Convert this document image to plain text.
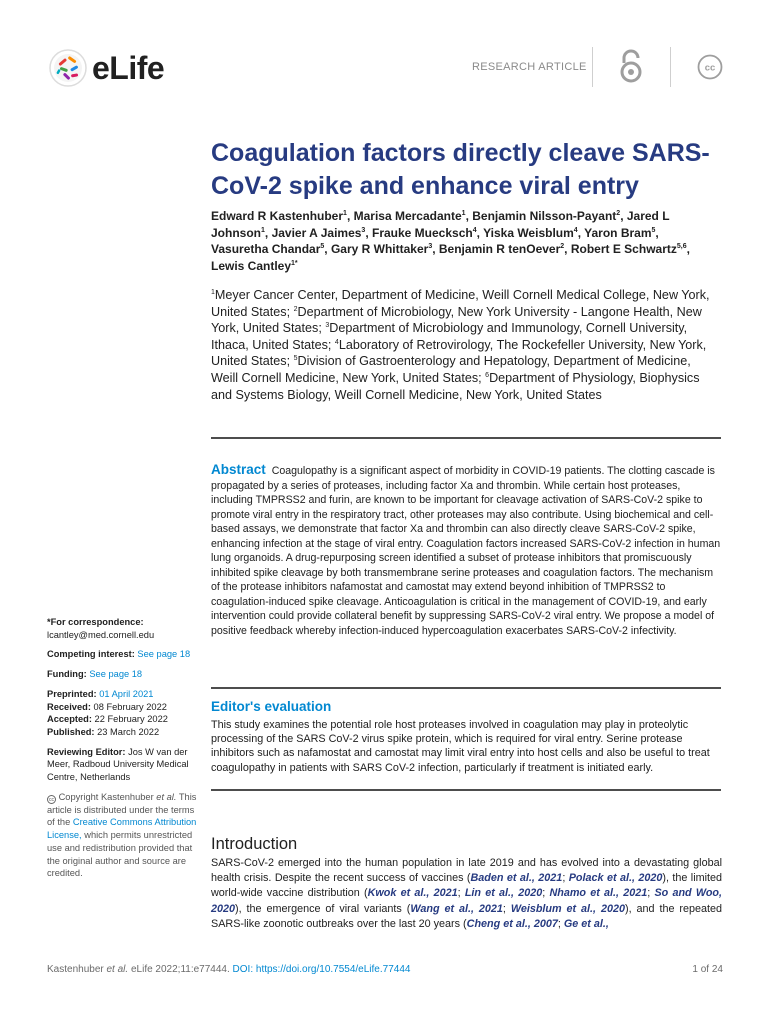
eLife	RESEARCH ARTICLE	cc
Coagulation factors directly cleave SARS-CoV-2 spike and enhance viral entry
Edward R Kastenhuber$^1$, Marisa Mercadante$^1$, Benjamin Nilsson-Payant$^2$, Jared L Johnson$^1$, Javier A Jaimes$^3$, Frauke Muecksch$^4$, Yiska Weisblum$^4$, Yaron Bram$^5$, Vasuretha Chandar$^5$, Gary R Whittaker$^3$, Benjamin R tenOever$^2$, Robert E Schwartz$^{5,6}$, Lewis Cantley$^{1*}$
$^1$Meyer Cancer Center, Department of Medicine, Weill Cornell Medical College, New York, United States; $^2$Department of Microbiology, New York University - Langone Health, New York, United States; $^3$Department of Microbiology and Immunology, Cornell University, Ithaca, United States; $^4$Laboratory of Retrovirology, The Rockefeller University, New York, United States; $^5$Division of Gastroenterology and Hepatology, Department of Medicine, Weill Cornell Medicine, New York, United States; $^6$Department of Physiology, Biophysics and Systems Biology, Weill Cornell Medicine, New York, United States
Abstract Coagulopathy is a significant aspect of morbidity in COVID-19 patients. The clotting cascade is propagated by a series of proteases, including factor Xa and thrombin. While certain host proteases, including TMPRSS2 and furin, are known to be important for cleavage activation of SARS-CoV-2 spike to promote viral entry in the respiratory tract, other proteases may also contribute. Using biochemical and cell-based assays, we demonstrate that factor Xa and thrombin can also directly cleave SARS-CoV-2 spike, enhancing infection at the stage of viral entry. Coagulation factors increased SARS-CoV-2 infection in human lung organoids. A drug-repurposing screen identified a subset of protease inhibitors that promiscuously inhibited spike cleavage by both transmembrane serine proteases and coagulation factors. The mechanism of the protease inhibitors nafamostat and camostat may extend beyond inhibition of TMPRSS2 to coagulation-induced spike cleavage. Anticoagulation is critical in the management of COVID-19, and early intervention could provide collateral benefit by suppressing SARS-CoV-2 viral entry. We propose a model of positive feedback whereby infection-induced hypercoagulation exacerbates SARS-CoV-2 infectivity.
Editor's evaluation
This study examines the potential role host proteases involved in coagulation may play in proteolytic processing of the SARS CoV-2 virus spike protein, which is required for viral entry. Serine protease inhibitors such as nafamostat and camostat may limit viral entry into host cells and also be useful to treat coagulopathy in patients with SARS CoV-2 infection, particularly if treatment is initiated early.
Introduction
SARS-CoV-2 emerged into the human population in late 2019 and has evolved into a devastating global health crisis. Despite the recent success of vaccines (Baden et al., 2021; Polack et al., 2020), the limited world-wide vaccine distribution (Kwok et al., 2021; Lin et al., 2020; Nhamo et al., 2021; So and Woo, 2020), the emergence of viral variants (Wang et al., 2021; Weisblum et al., 2020), and the repeated SARS-like zoonotic outbreaks over the last 20 years (Cheng et al., 2007; Ge et al.,
*For correspondence:
lcantley@med.cornell.edu
Competing interest: See page 18
Funding: See page 18
Preprinted: 01 April 2021
Received: 08 February 2022
Accepted: 22 February 2022
Published: 23 March 2022
Reviewing Editor: Jos W van der Meer, Radboud University Medical Centre, Netherlands
cc Copyright Kastenhuber et al. This article is distributed under the terms of the Creative Commons Attribution License, which permits unrestricted use and redistribution provided that the original author and source are credited.
Kastenhuber et al. eLife 2022;11:e77444. DOI: https://doi.org/10.7554/eLife.77444	1 of 24
